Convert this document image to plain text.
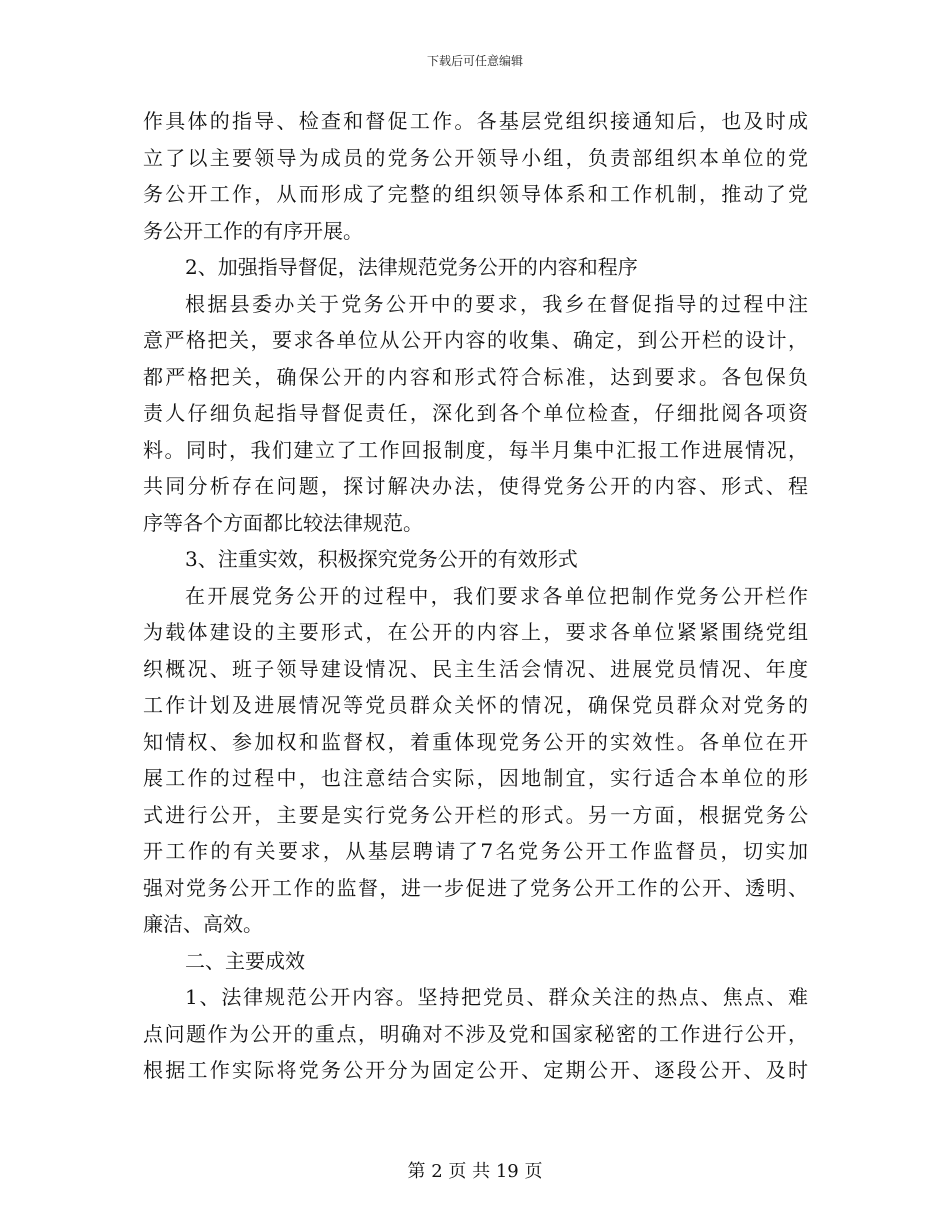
下载后可任意编辑
作具体的指导、检查和督促工作。各基层党组织接通知后，也及时成
立了以主要领导为成员的党务公开领导小组，负责部组织本单位的党
务公开工作，从而形成了完整的组织领导体系和工作机制，推动了党
务公开工作的有序开展。
2、加强指导督促，法律规范党务公开的内容和程序
根据县委办关于党务公开中的要求，我乡在督促指导的过程中注
意严格把关，要求各单位从公开内容的收集、确定，到公开栏的设计，
都严格把关，确保公开的内容和形式符合标准，达到要求。各包保负
责人仔细负起指导督促责任，深化到各个单位检查，仔细批阅各项资
料。同时，我们建立了工作回报制度，每半月集中汇报工作进展情况，
共同分析存在问题，探讨解决办法，使得党务公开的内容、形式、程
序等各个方面都比较法律规范。
3、注重实效，积极探究党务公开的有效形式
在开展党务公开的过程中，我们要求各单位把制作党务公开栏作
为载体建设的主要形式，在公开的内容上，要求各单位紧紧围绕党组
织概况、班子领导建设情况、民主生活会情况、进展党员情况、年度
工作计划及进展情况等党员群众关怀的情况，确保党员群众对党务的
知情权、参加权和监督权，着重体现党务公开的实效性。各单位在开
展工作的过程中，也注意结合实际，因地制宜，实行适合本单位的形
式进行公开，主要是实行党务公开栏的形式。另一方面，根据党务公
开工作的有关要求，从基层聘请了7名党务公开工作监督员，切实加
强对党务公开工作的监督，进一步促进了党务公开工作的公开、透明、
廉洁、高效。
二、主要成效
1、法律规范公开内容。坚持把党员、群众关注的热点、焦点、难
点问题作为公开的重点，明确对不涉及党和国家秘密的工作进行公开，
根据工作实际将党务公开分为固定公开、定期公开、逐段公开、及时
第 2 页 共 19 页
